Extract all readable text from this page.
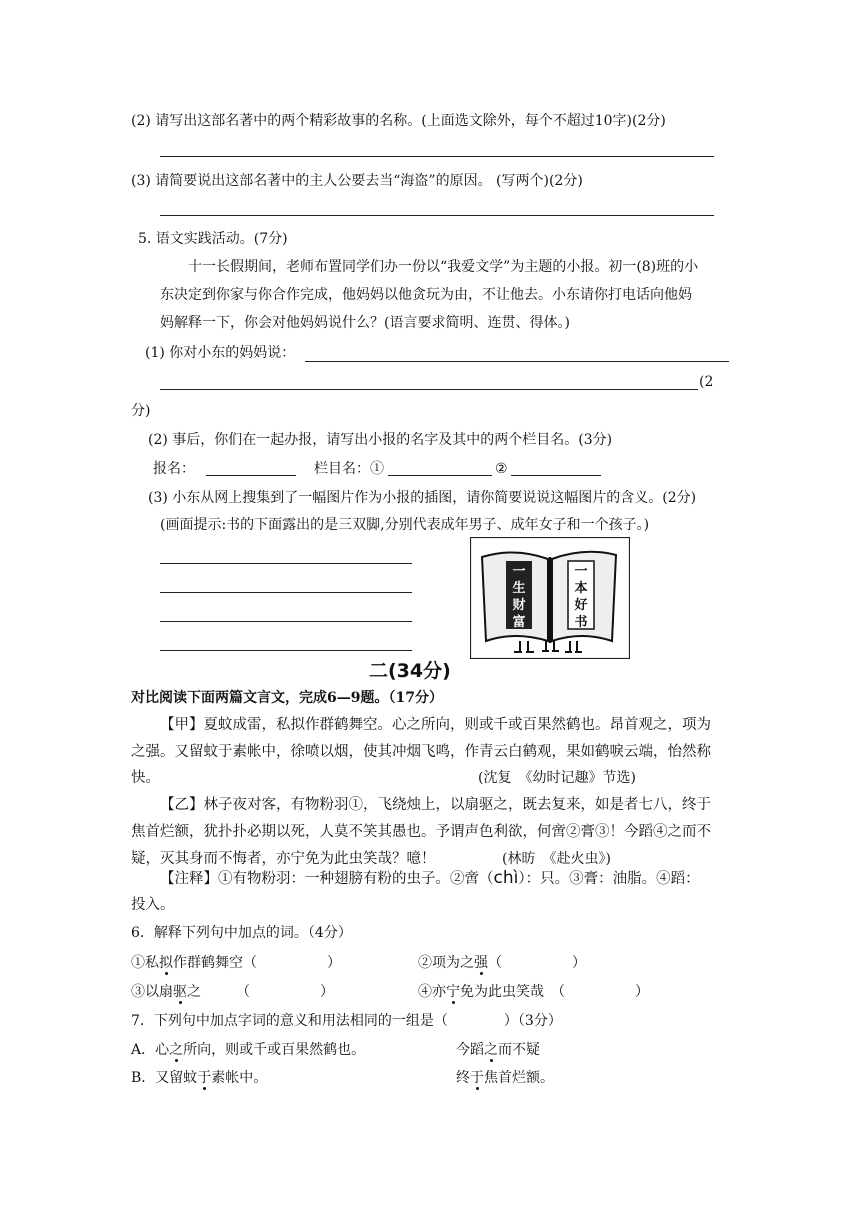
(2) 请写出这部名著中的两个精彩故事的名称。(上面选文除外，每个不超过10字)(2分)
(3) 请简要说出这部名著中的主人公要去当“海盗”的原因。 (写两个)(2分)
5. 语文实践活动。(7分)
十一长假期间，老师布置同学们办一份以“我爱文学”为主题的小报。初一(8)班的小
东决定到你家与你合作完成，他妈妈以他贪玩为由，不让他去。小东请你打电话向他妈
妈解释一下，你会对他妈妈说什么？(语言要求简明、连贯、得体。)
(1) 你对小东的妈妈说：
(2
分)
(2) 事后，你们在一起办报，请写出小报的名字及其中的两个栏目名。(3分)
报名：	栏目名：①	②
(3) 小东从网上搜集到了一幅图片作为小报的插图，请你简要说说这幅图片的含义。(2分)
(画面提示:书的下面露出的是三双脚,分别代表成年男子、成年女子和一个孩子。)
一
生
财
富
一
本
好
书
二(34分)
对比阅读下面两篇文言文，完成6—9题。（17分）
【甲】夏蚊成雷，私拟作群鹤舞空。心之所向，则或千或百果然鹤也。昂首观之，项为
之强。又留蚊于素帐中，徐喷以烟，使其冲烟飞鸣，作青云白鹤观，果如鹤唳云端，怡然称
快。	(沈复　《幼时记趣》节选)
【乙】林子夜对客，有物粉羽①，飞绕烛上，以扇驱之，既去复来，如是者七八，终于
焦首烂额，犹扑扑必期以死，人莫不笑其愚也。予谓声色利欲，何啻②膏③！今蹈④之而不
疑，灭其身而不悔者，亦宁免为此虫笑哉？噫！	(林昉　《赴火虫》)
【注释】①有物粉羽：一种翅膀有粉的虫子。②啻（chì）：只。③膏：油脂。④蹈：
投入。
6．解释下列句中加点的词。（4分）
①私拟作群鹤舞空（　　　　　）	②项为之强（　　　　　）
③以扇驱之　　　（　　　　　）	④亦宁免为此虫笑哉　（　　　　　）
7．下列句中加点字词的意义和用法相同的一组是（　　　　）（3分）
A．心之所向，则或千或百果然鹤也。	今蹈之而不疑
B．又留蚊于素帐中。	终于焦首烂额。
